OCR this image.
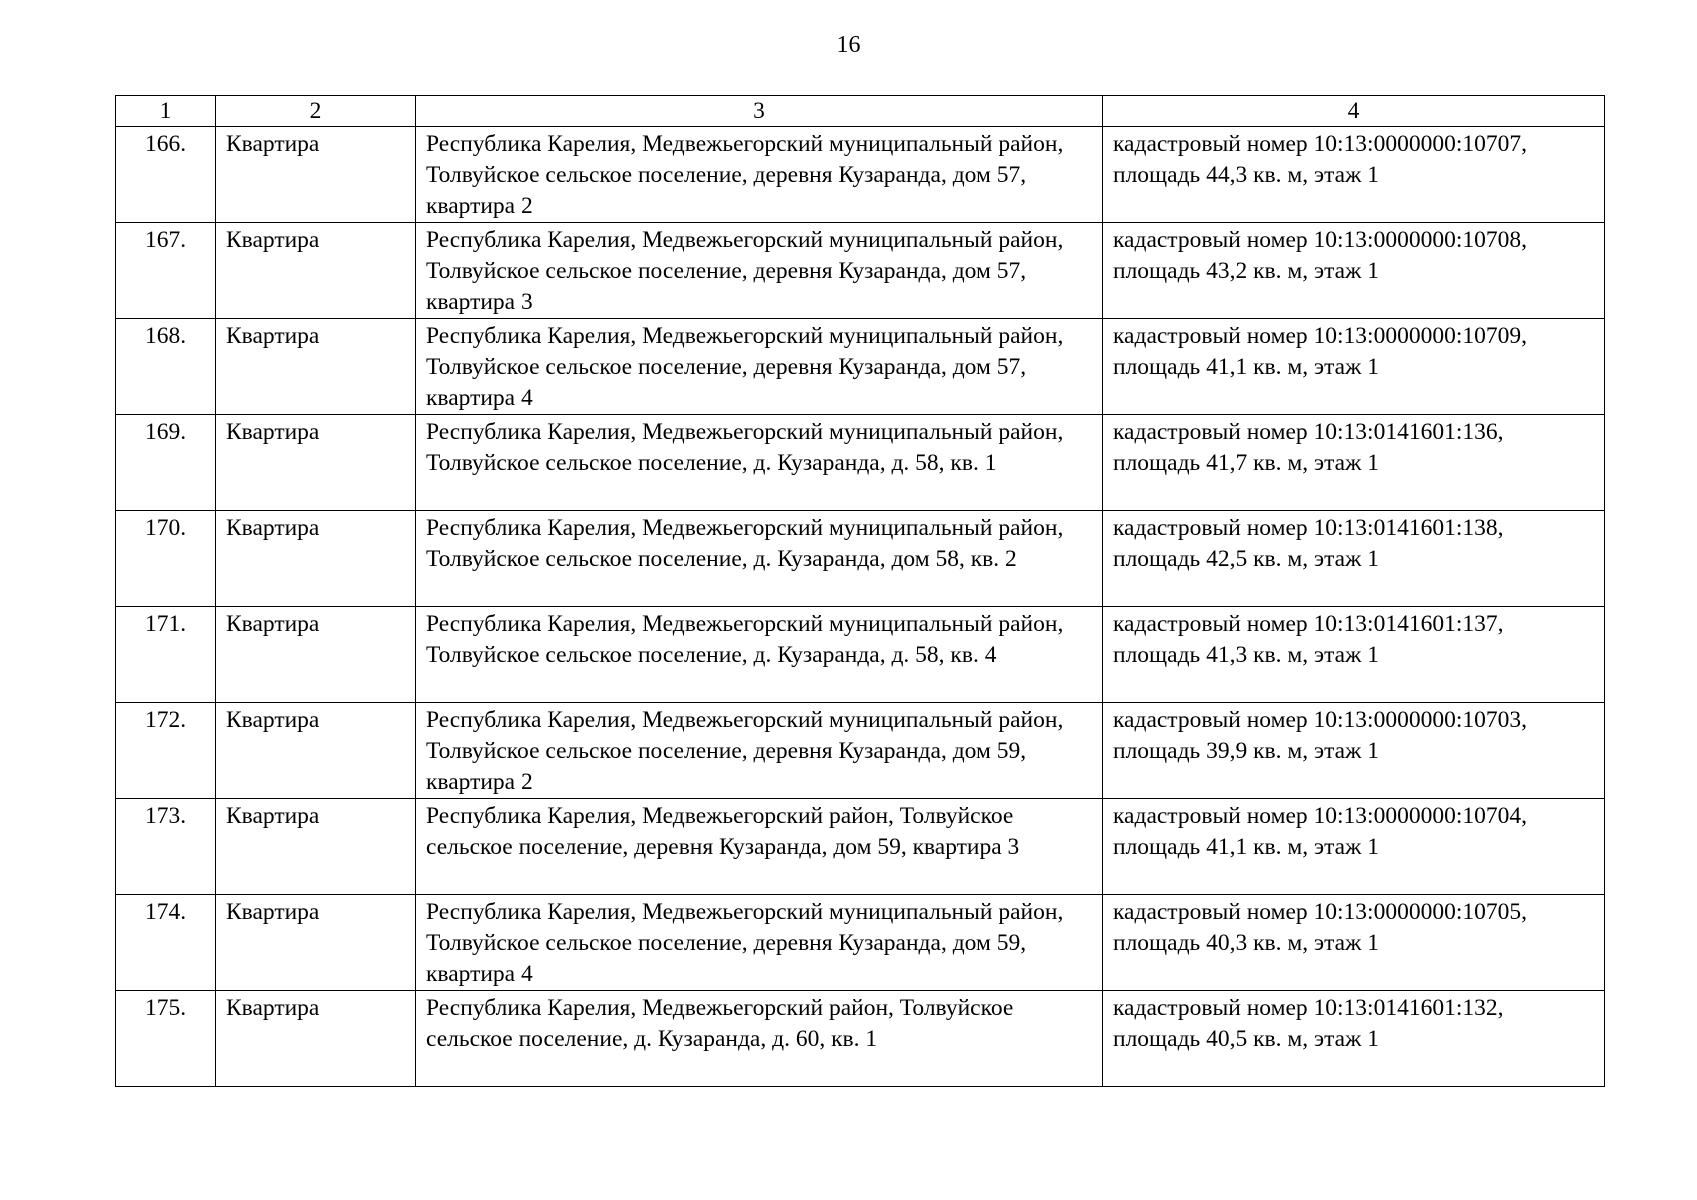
16
1	2	3	4
166.	Квартира	Республика Карелия, Медвежьегорский муниципальный район, Толвуйское сельское поселение, деревня Кузаранда, дом 57, квартира 2	кадастровый номер 10:13:0000000:10707, площадь 44,3 кв. м, этаж 1
167.	Квартира	Республика Карелия, Медвежьегорский муниципальный район, Толвуйское сельское поселение, деревня Кузаранда, дом 57, квартира 3	кадастровый номер 10:13:0000000:10708, площадь 43,2 кв. м, этаж 1
168.	Квартира	Республика Карелия, Медвежьегорский муниципальный район, Толвуйское сельское поселение, деревня Кузаранда, дом 57, квартира 4	кадастровый номер 10:13:0000000:10709, площадь 41,1 кв. м, этаж 1
169.	Квартира	Республика Карелия, Медвежьегорский муниципальный район, Толвуйское сельское поселение, д. Кузаранда, д. 58, кв. 1	кадастровый номер 10:13:0141601:136, площадь 41,7 кв. м, этаж 1
170.	Квартира	Республика Карелия, Медвежьегорский муниципальный район, Толвуйское сельское поселение, д. Кузаранда, дом 58, кв. 2	кадастровый номер 10:13:0141601:138, площадь 42,5 кв. м, этаж 1
171.	Квартира	Республика Карелия, Медвежьегорский муниципальный район, Толвуйское сельское поселение, д. Кузаранда, д. 58, кв. 4	кадастровый номер 10:13:0141601:137, площадь 41,3 кв. м, этаж 1
172.	Квартира	Республика Карелия, Медвежьегорский муниципальный район, Толвуйское сельское поселение, деревня Кузаранда, дом 59, квартира 2	кадастровый номер 10:13:0000000:10703, площадь 39,9 кв. м, этаж 1
173.	Квартира	Республика Карелия, Медвежьегорский район, Толвуйское сельское поселение, деревня Кузаранда, дом 59, квартира 3	кадастровый номер 10:13:0000000:10704, площадь 41,1 кв. м, этаж 1
174.	Квартира	Республика Карелия, Медвежьегорский муниципальный район, Толвуйское сельское поселение, деревня Кузаранда, дом 59, квартира 4	кадастровый номер 10:13:0000000:10705, площадь 40,3 кв. м, этаж 1
175.	Квартира	Республика Карелия, Медвежьегорский район, Толвуйское сельское поселение, д. Кузаранда, д. 60, кв. 1	кадастровый номер 10:13:0141601:132, площадь 40,5 кв. м, этаж 1
